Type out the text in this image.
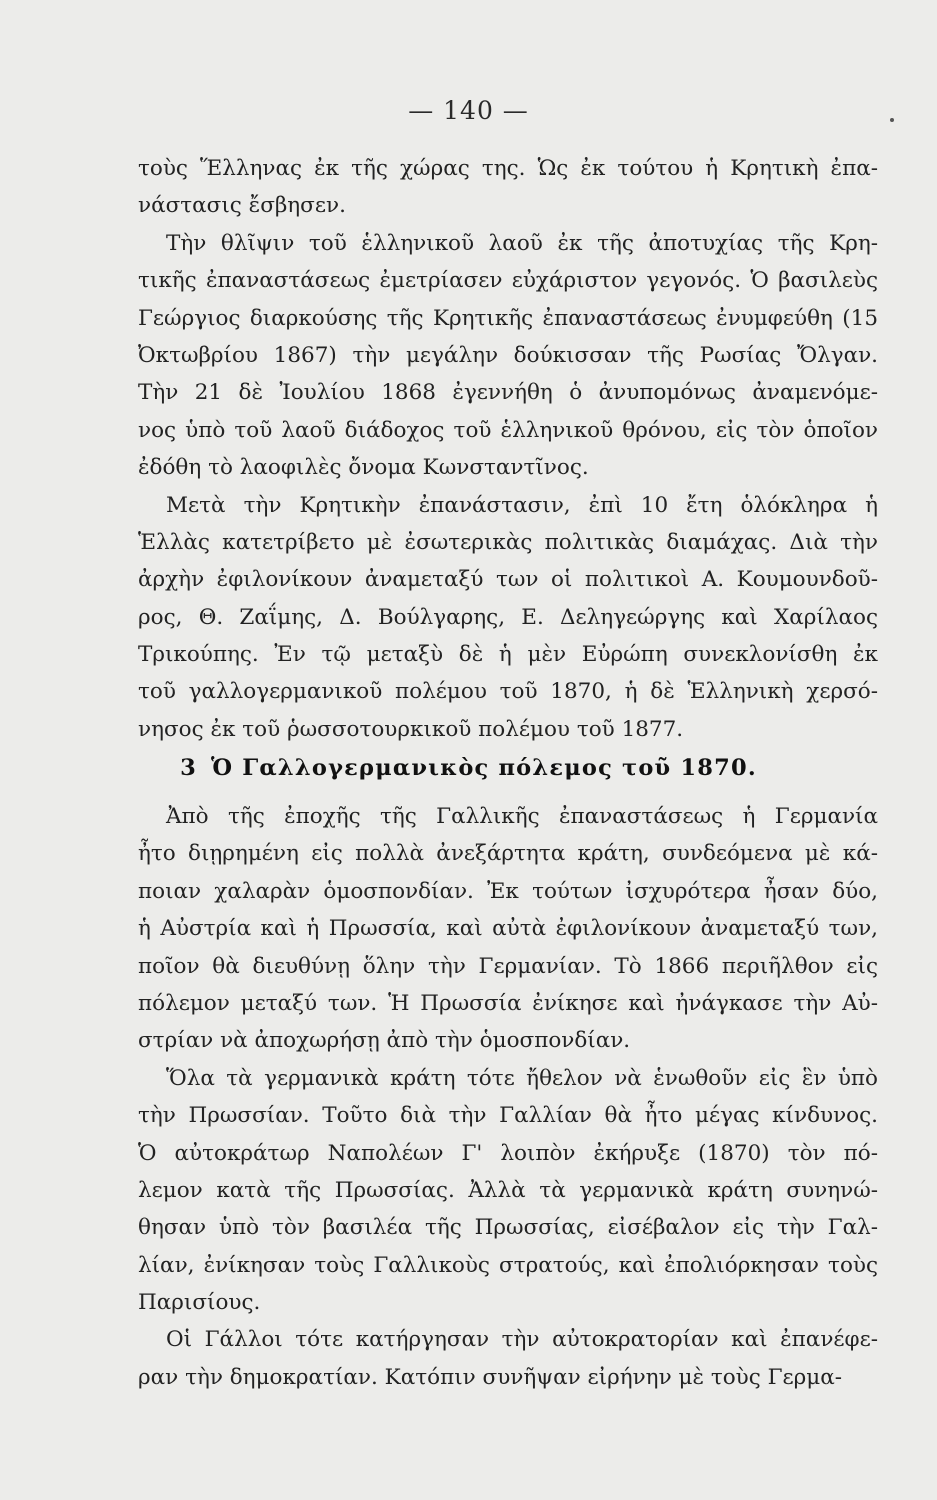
— 140 —
τοὺς Ἕλληνας ἐκ τῆς χώρας της. Ὡς ἐκ τούτου ἡ Κρητικὴ ἐπα-
νάστασις ἔσβησεν.
Τὴν θλῖψιν τοῦ ἑλληνικοῦ λαοῦ ἐκ τῆς ἀποτυχίας τῆς Κρη-
τικῆς ἐπαναστάσεως ἐμετρίασεν εὐχάριστον γεγονός. Ὁ βασιλεὺς
Γεώργιος διαρκούσης τῆς Κρητικῆς ἐπαναστάσεως ἐνυμφεύθη (15
Ὀκτωβρίου 1867) τὴν μεγάλην δούκισσαν τῆς Ρωσίας Ὄλγαν.
Τὴν 21 δὲ Ἰουλίου 1868 ἐγεννήθη ὁ ἀνυπομόνως ἀναμενόμε-
νος ὑπὸ τοῦ λαοῦ διάδοχος τοῦ ἑλληνικοῦ θρόνου, εἰς τὸν ὁποῖον
ἐδόθη τὸ λαοφιλὲς ὄνομα Κωνσταντῖνος.
Μετὰ τὴν Κρητικὴν ἐπανάστασιν, ἐπὶ 10 ἔτη ὁλόκληρα ἡ
Ἑλλὰς κατετρίβετο μὲ ἐσωτερικὰς πολιτικὰς διαμάχας. Διὰ τὴν
ἀρχὴν ἐφιλονίκουν ἀναμεταξύ των οἱ πολιτικοὶ Α. Κουμουνδοῦ-
ρος, Θ. Ζαΐμης, Δ. Βούλγαρης, Ε. Δεληγεώργης καὶ Χαρίλαος
Τρικούπης. Ἐν τῷ μεταξὺ δὲ ἡ μὲν Εὐρώπη συνεκλονίσθη ἐκ
τοῦ γαλλογερμανικοῦ πολέμου τοῦ 1870, ἡ δὲ Ἑλληνικὴ χερσό-
νησος ἐκ τοῦ ῥωσσοτουρκικοῦ πολέμου τοῦ 1877.
3 Ὁ Γαλλογερμανικὸς πόλεμος τοῦ 1870.
Ἀπὸ τῆς ἐποχῆς τῆς Γαλλικῆς ἐπαναστάσεως ἡ Γερμανία
ἦτο διῃρημένη εἰς πολλὰ ἀνεξάρτητα κράτη, συνδεόμενα μὲ κά-
ποιαν χαλαρὰν ὁμοσπονδίαν. Ἐκ τούτων ἰσχυρότερα ἦσαν δύο,
ἡ Αὐστρία καὶ ἡ Πρωσσία, καὶ αὐτὰ ἐφιλονίκουν ἀναμεταξύ των,
ποῖον θὰ διευθύνῃ ὅλην τὴν Γερμανίαν. Τὸ 1866 περιῆλθον εἰς
πόλεμον μεταξύ των. Ἡ Πρωσσία ἐνίκησε καὶ ἠνάγκασε τὴν Αὐ-
στρίαν νὰ ἀποχωρήσῃ ἀπὸ τὴν ὁμοσπονδίαν.
Ὅλα τὰ γερμανικὰ κράτη τότε ἤθελον νὰ ἑνωθοῦν εἰς ἓν ὑπὸ
τὴν Πρωσσίαν. Τοῦτο διὰ τὴν Γαλλίαν θὰ ἦτο μέγας κίνδυνος.
Ὁ αὐτοκράτωρ Ναπολέων Γ' λοιπὸν ἐκήρυξε (1870) τὸν πό-
λεμον κατὰ τῆς Πρωσσίας. Ἀλλὰ τὰ γερμανικὰ κράτη συνηνώ-
θησαν ὑπὸ τὸν βασιλέα τῆς Πρωσσίας, εἰσέβαλον εἰς τὴν Γαλ-
λίαν, ἐνίκησαν τοὺς Γαλλικοὺς στρατούς, καὶ ἐπολιόρκησαν τοὺς
Παρισίους.
Οἱ Γάλλοι τότε κατήργησαν τὴν αὐτοκρατορίαν καὶ ἐπανέφε-
ραν τὴν δημοκρατίαν. Κατόπιν συνῆψαν εἰρήνην μὲ τοὺς Γερμα-
